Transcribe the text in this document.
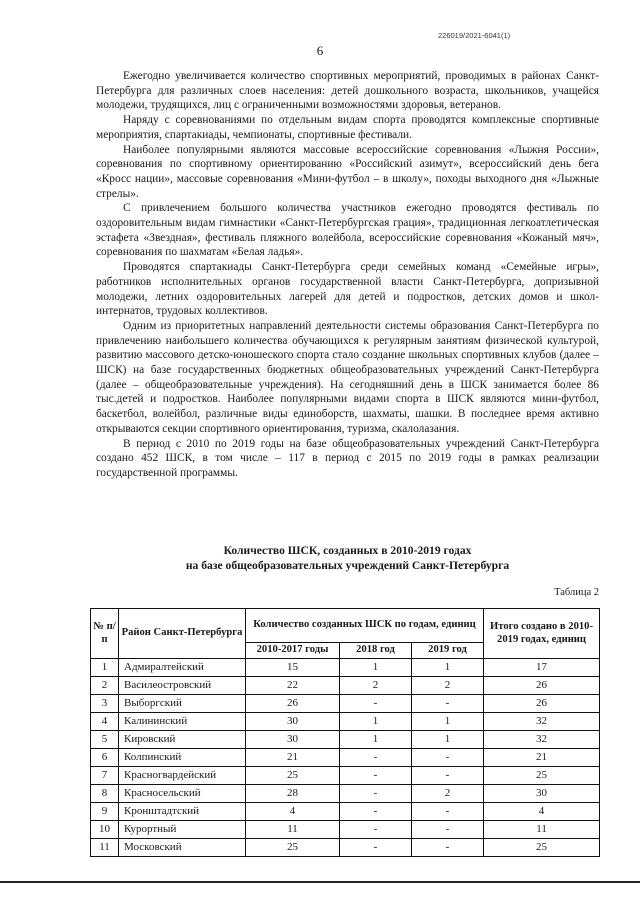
226019/2021-6041(1)
6

Ежегодно увеличивается количество спортивных мероприятий, проводимых в районах Санкт-Петербурга для различных слоев населения: детей дошкольного возраста, школьников, учащейся молодежи, трудящихся, лиц с ограниченными возможностями здоровья, ветеранов.

Наряду с соревнованиями по отдельным видам спорта проводятся комплексные спортивные мероприятия, спартакиады, чемпионаты, спортивные фестивали.

Наиболее популярными являются массовые всероссийские соревнования «Лыжня России», соревнования по спортивному ориентированию «Российский азимут», всероссийский день бега «Кросс нации», массовые соревнования «Мини-футбол – в школу», походы выходного дня «Лыжные стрелы».

С привлечением большого количества участников ежегодно проводятся фестиваль по оздоровительным видам гимнастики «Санкт-Петербургская грация», традиционная легкоатлетическая эстафета «Звездная», фестиваль пляжного волейбола, всероссийские соревнования «Кожаный мяч», соревнования по шахматам «Белая ладья».

Проводятся спартакиады Санкт-Петербурга среди семейных команд «Семейные игры», работников исполнительных органов государственной власти Санкт-Петербурга, допризывной молодежи, летних оздоровительных лагерей для детей и подростков, детских домов и школ-интернатов, трудовых коллективов.

Одним из приоритетных направлений деятельности системы образования Санкт-Петербурга по привлечению наибольшего количества обучающихся к регулярным занятиям физической культурой, развитию массового детско-юношеского спорта стало создание школьных спортивных клубов (далее – ШСК) на базе государственных бюджетных общеобразовательных учреждений Санкт-Петербурга (далее – общеобразовательные учреждения). На сегодняшний день в ШСК занимается более 86 тыс.детей и подростков. Наиболее популярными видами спорта в ШСК являются мини-футбол, баскетбол, волейбол, различные виды единоборств, шахматы, шашки. В последнее время активно открываются секции спортивного ориентирования, туризма, скалолазания.

В период с 2010 по 2019 годы на базе общеобразовательных учреждений Санкт-Петербурга создано 452 ШСК, в том числе – 117 в период с 2015 по 2019 годы в рамках реализации государственной программы.

Количество ШСК, созданных в 2010-2019 годах
на базе общеобразовательных учреждений Санкт-Петербурга
Таблица 2
№ п/п	Район Санкт-Петербурга	Количество созданных ШСК по годам, единиц			Итого создано в 2010-2019 годах, единиц
		2010-2017 годы	2018 год	2019 год	
1	Адмиралтейский	15	1	1	17
2	Василеостровский	22	2	2	26
3	Выборгский	26	-	-	26
4	Калининский	30	1	1	32
5	Кировский	30	1	1	32
6	Колпинский	21	-	-	21
7	Красногвардейский	25	-	-	25
8	Красносельский	28	-	2	30
9	Кронштадтский	4	-	-	4
10	Курортный	11	-	-	11
11	Московский	25	-	-	25
